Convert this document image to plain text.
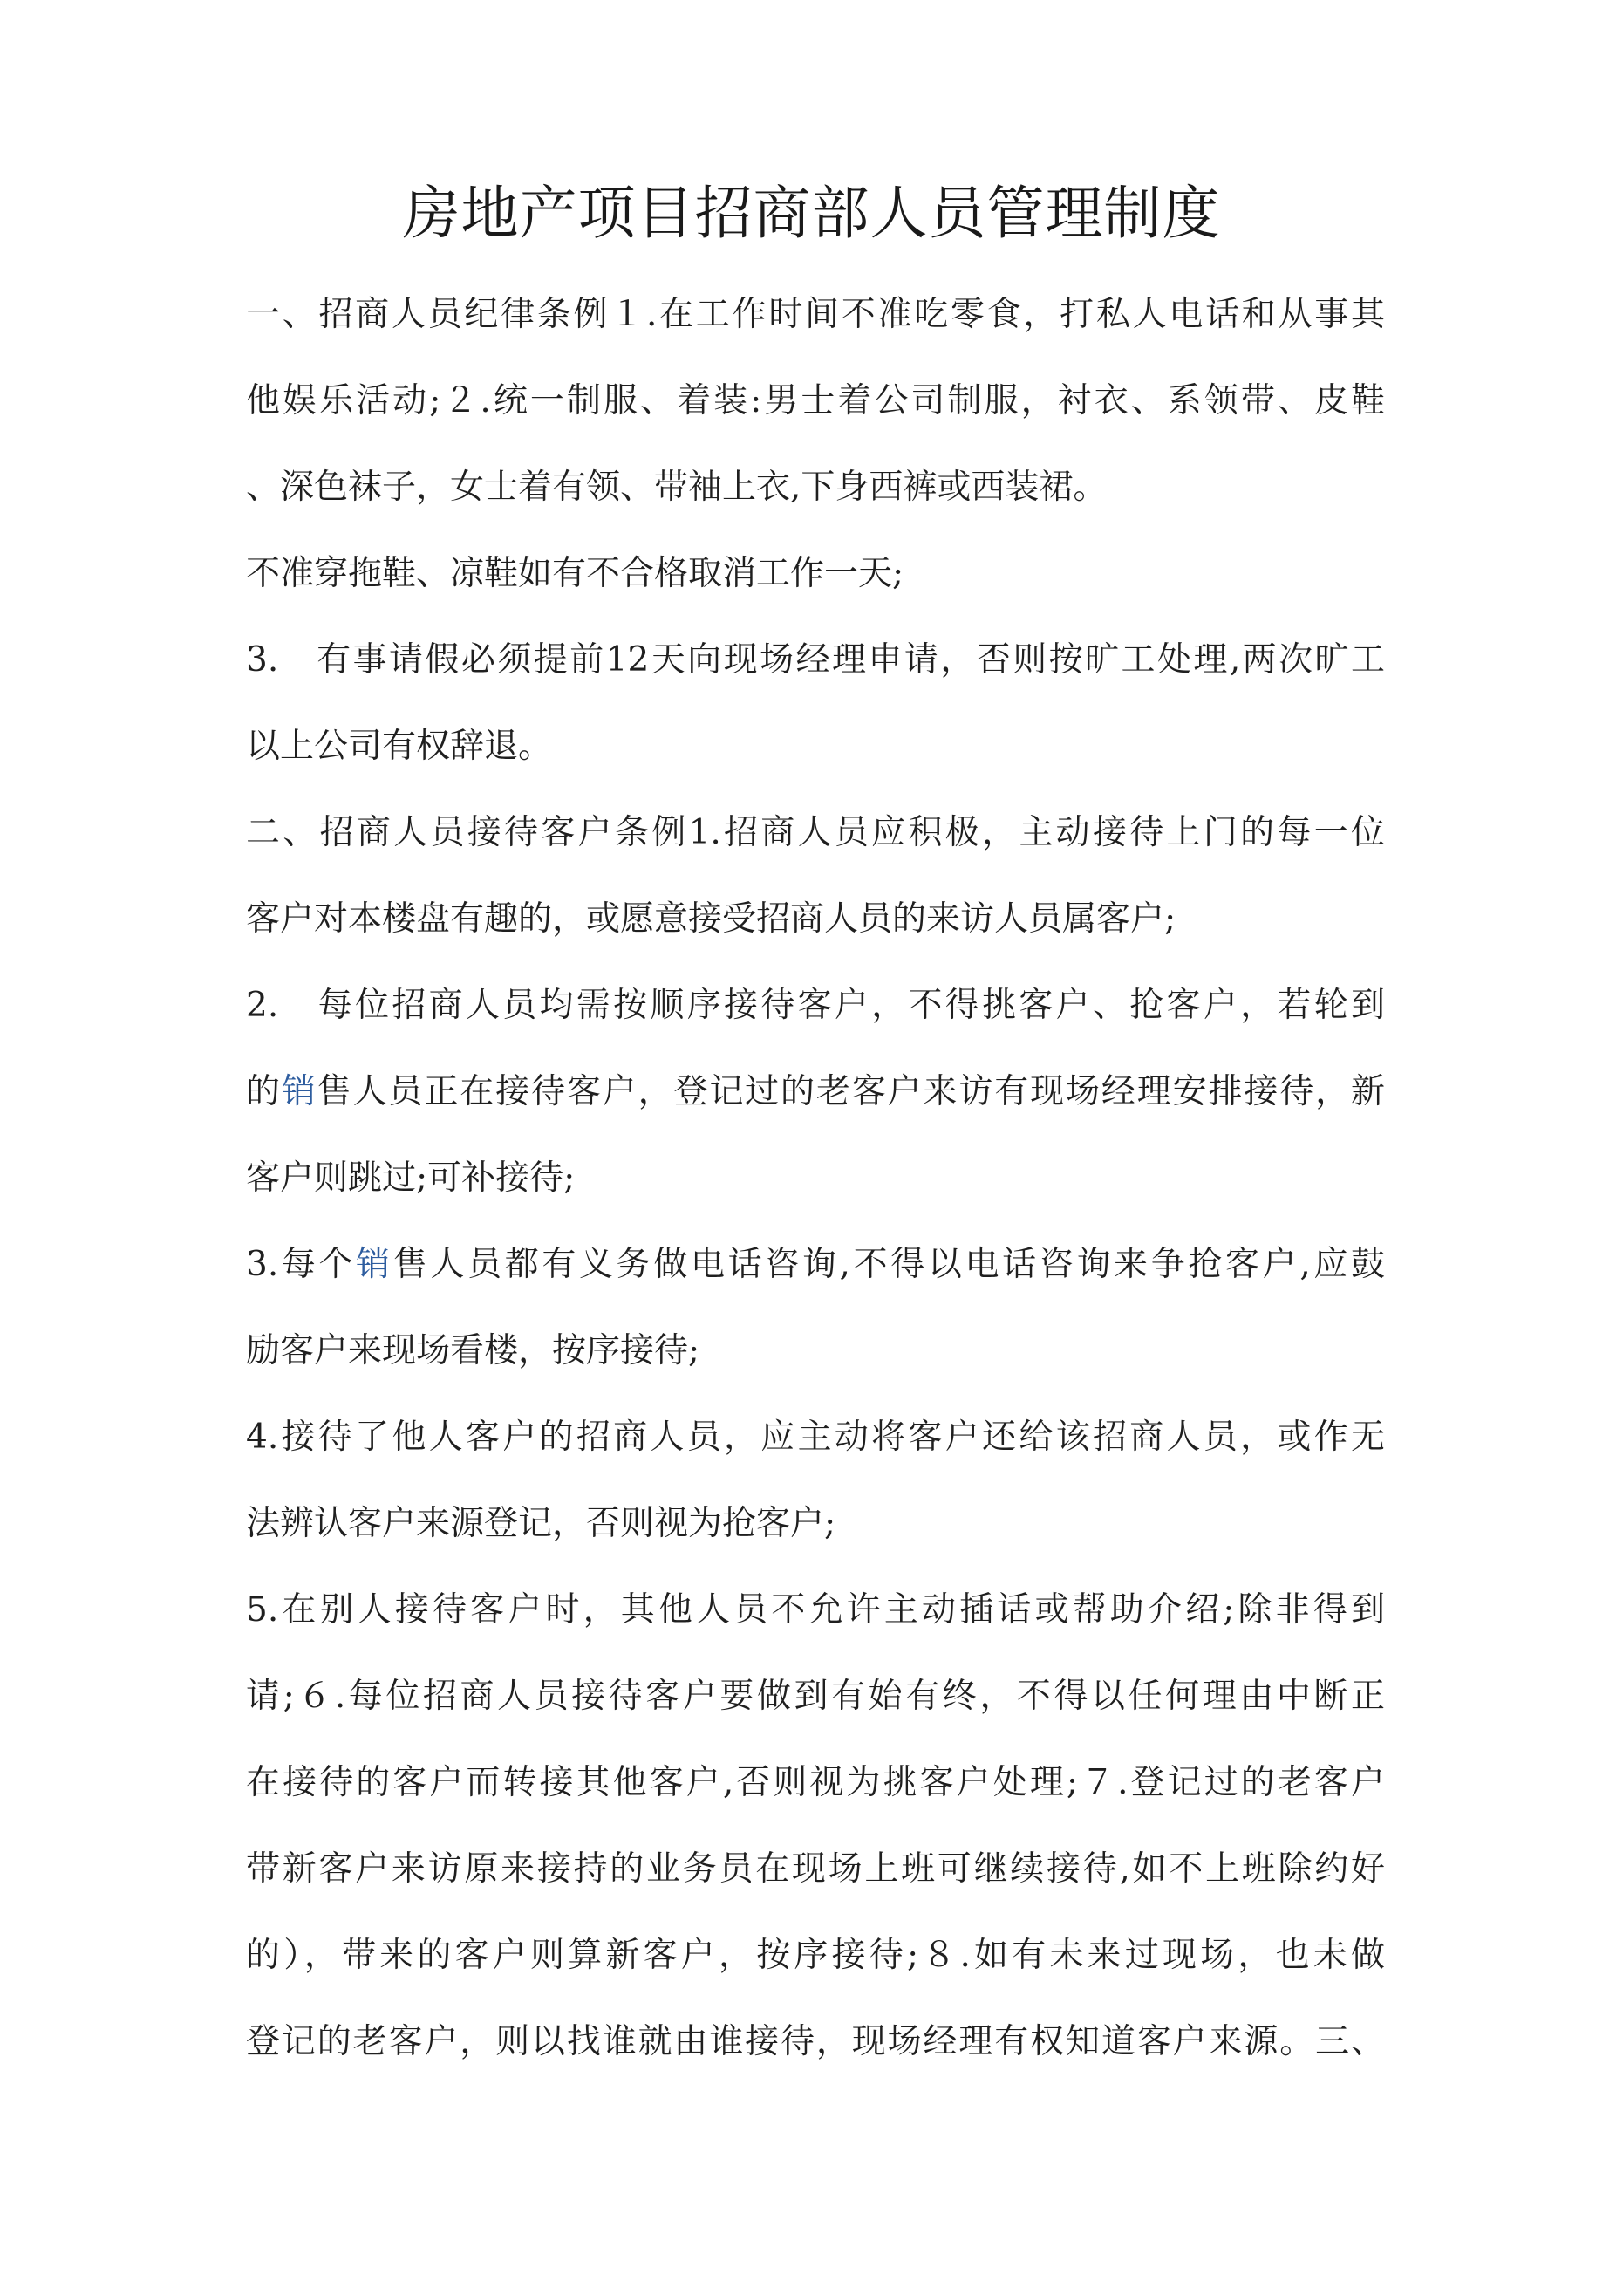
房地产项目招商部人员管理制度
一、招商人员纪律条例１.在工作时间不准吃零食，打私人电话和从事其
他娱乐活动;２.统一制服、着装:男士着公司制服，衬衣、系领带、皮鞋
、深色袜子，女士着有领、带袖上衣,下身西裤或西装裙。
不准穿拖鞋、凉鞋如有不合格取消工作一天;
3.　有事请假必须提前12天向现场经理申请，否则按旷工处理,两次旷工
以上公司有权辞退。
二、招商人员接待客户条例1.招商人员应积极，主动接待上门的每一位
客户对本楼盘有趣的，或愿意接受招商人员的来访人员属客户;
2.　每位招商人员均需按顺序接待客户，不得挑客户、抢客户，若轮到
的销售人员正在接待客户，登记过的老客户来访有现场经理安排接待，新
客户则跳过;可补接待;
3.每个销售人员都有义务做电话咨询,不得以电话咨询来争抢客户,应鼓
励客户来现场看楼，按序接待;
4.接待了他人客户的招商人员，应主动将客户还给该招商人员，或作无
法辨认客户来源登记，否则视为抢客户;
5.在别人接待客户时，其他人员不允许主动插话或帮助介绍;除非得到
请;６.每位招商人员接待客户要做到有始有终，不得以任何理由中断正
在接待的客户而转接其他客户,否则视为挑客户处理;７.登记过的老客户
带新客户来访原来接持的业务员在现场上班可继续接待,如不上班除约好
的），带来的客户则算新客户，按序接待;８.如有未来过现场，也未做
登记的老客户，则以找谁就由谁接待，现场经理有权知道客户来源。三、
